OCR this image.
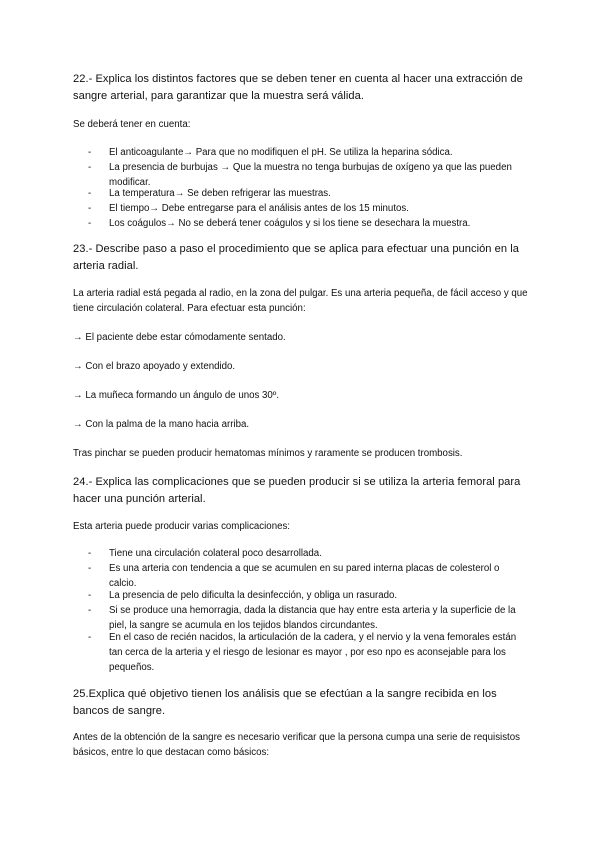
22.- Explica los distintos factores que se deben tener en cuenta al hacer una extracción de sangre arterial, para garantizar que la muestra será válida.
Se deberá tener en cuenta:
-	El anticoagulante→ Para que no modifiquen el pH. Se utiliza la heparina sódica.
-	La presencia de burbujas → Que la muestra no tenga burbujas de oxígeno ya que las pueden modificar.
-	La temperatura→ Se deben refrigerar las muestras.
-	El tiempo→ Debe entregarse para el análisis antes de los 15 minutos.
-	Los coágulos→ No se deberá tener coágulos y si los tiene se desechara la muestra.
23.- Describe paso a paso el procedimiento que se aplica para efectuar una punción en la arteria radial.
La arteria radial está pegada al radio, en la zona del pulgar. Es una arteria pequeña, de fácil acceso y que tiene circulación colateral. Para efectuar esta punción:
→ El paciente debe estar cómodamente sentado.
→ Con el brazo apoyado y extendido.
→ La muñeca formando un ángulo de unos 30º.
→ Con la palma de la mano hacia arriba.
Tras pinchar se pueden producir hematomas mínimos y raramente se producen trombosis.
24.- Explica las complicaciones que se pueden producir si se utiliza la arteria femoral para hacer una punción arterial.
Esta arteria puede producir varias complicaciones:
-	Tiene una circulación colateral poco desarrollada.
-	Es una arteria con tendencia a que se acumulen en su pared interna placas de colesterol o calcio.
-	La presencia de pelo dificulta la desinfección, y obliga un rasurado.
-	Si se produce una hemorragia, dada la distancia que hay entre esta arteria y la superficie de la piel, la sangre se acumula en los tejidos blandos circundantes.
-	En el caso de recién nacidos, la articulación de la cadera, y el nervio y la vena femorales están tan cerca de la arteria y el riesgo de lesionar es mayor , por eso npo es aconsejable para los pequeños.
25.Explica qué objetivo tienen los análisis que se efectúan a la sangre recibida en los bancos de sangre.
Antes de la obtención de la sangre es necesario verificar que la persona cumpa una serie de requisistos básicos, entre lo que destacan como básicos:
